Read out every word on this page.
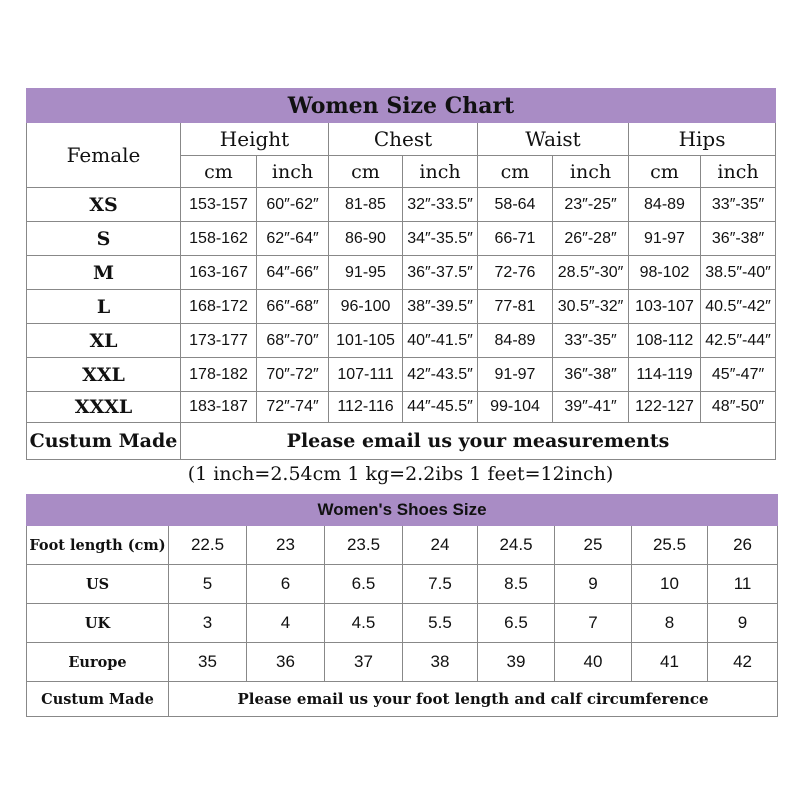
Women Size Chart								
Female	Height		Chest		Waist		Hips	
	cm	inch	cm	inch	cm	inch	cm	inch
XS	153-157	60″-62″	81-85	32″-33.5″	58-64	23″-25″	84-89	33″-35″
S	158-162	62″-64″	86-90	34″-35.5″	66-71	26″-28″	91-97	36″-38″
M	163-167	64″-66″	91-95	36″-37.5″	72-76	28.5″-30″	98-102	38.5″-40″
L	168-172	66″-68″	96-100	38″-39.5″	77-81	30.5″-32″	103-107	40.5″-42″
XL	173-177	68″-70″	101-105	40″-41.5″	84-89	33″-35″	108-112	42.5″-44″
XXL	178-182	70″-72″	107-111	42″-43.5″	91-97	36″-38″	114-119	45″-47″
XXXL	183-187	72″-74″	112-116	44″-45.5″	99-104	39″-41″	122-127	48″-50″
Custum Made	Please email us your measurements							
(1 inch=2.54cm 1 kg=2.2ibs 1 feet=12inch)
Women's Shoes Size								
Foot length (cm)	22.5	23	23.5	24	24.5	25	25.5	26
US	5	6	6.5	7.5	8.5	9	10	11
UK	3	4	4.5	5.5	6.5	7	8	9
Europe	35	36	37	38	39	40	41	42
Custum Made	Please email us your foot length and calf circumference							
